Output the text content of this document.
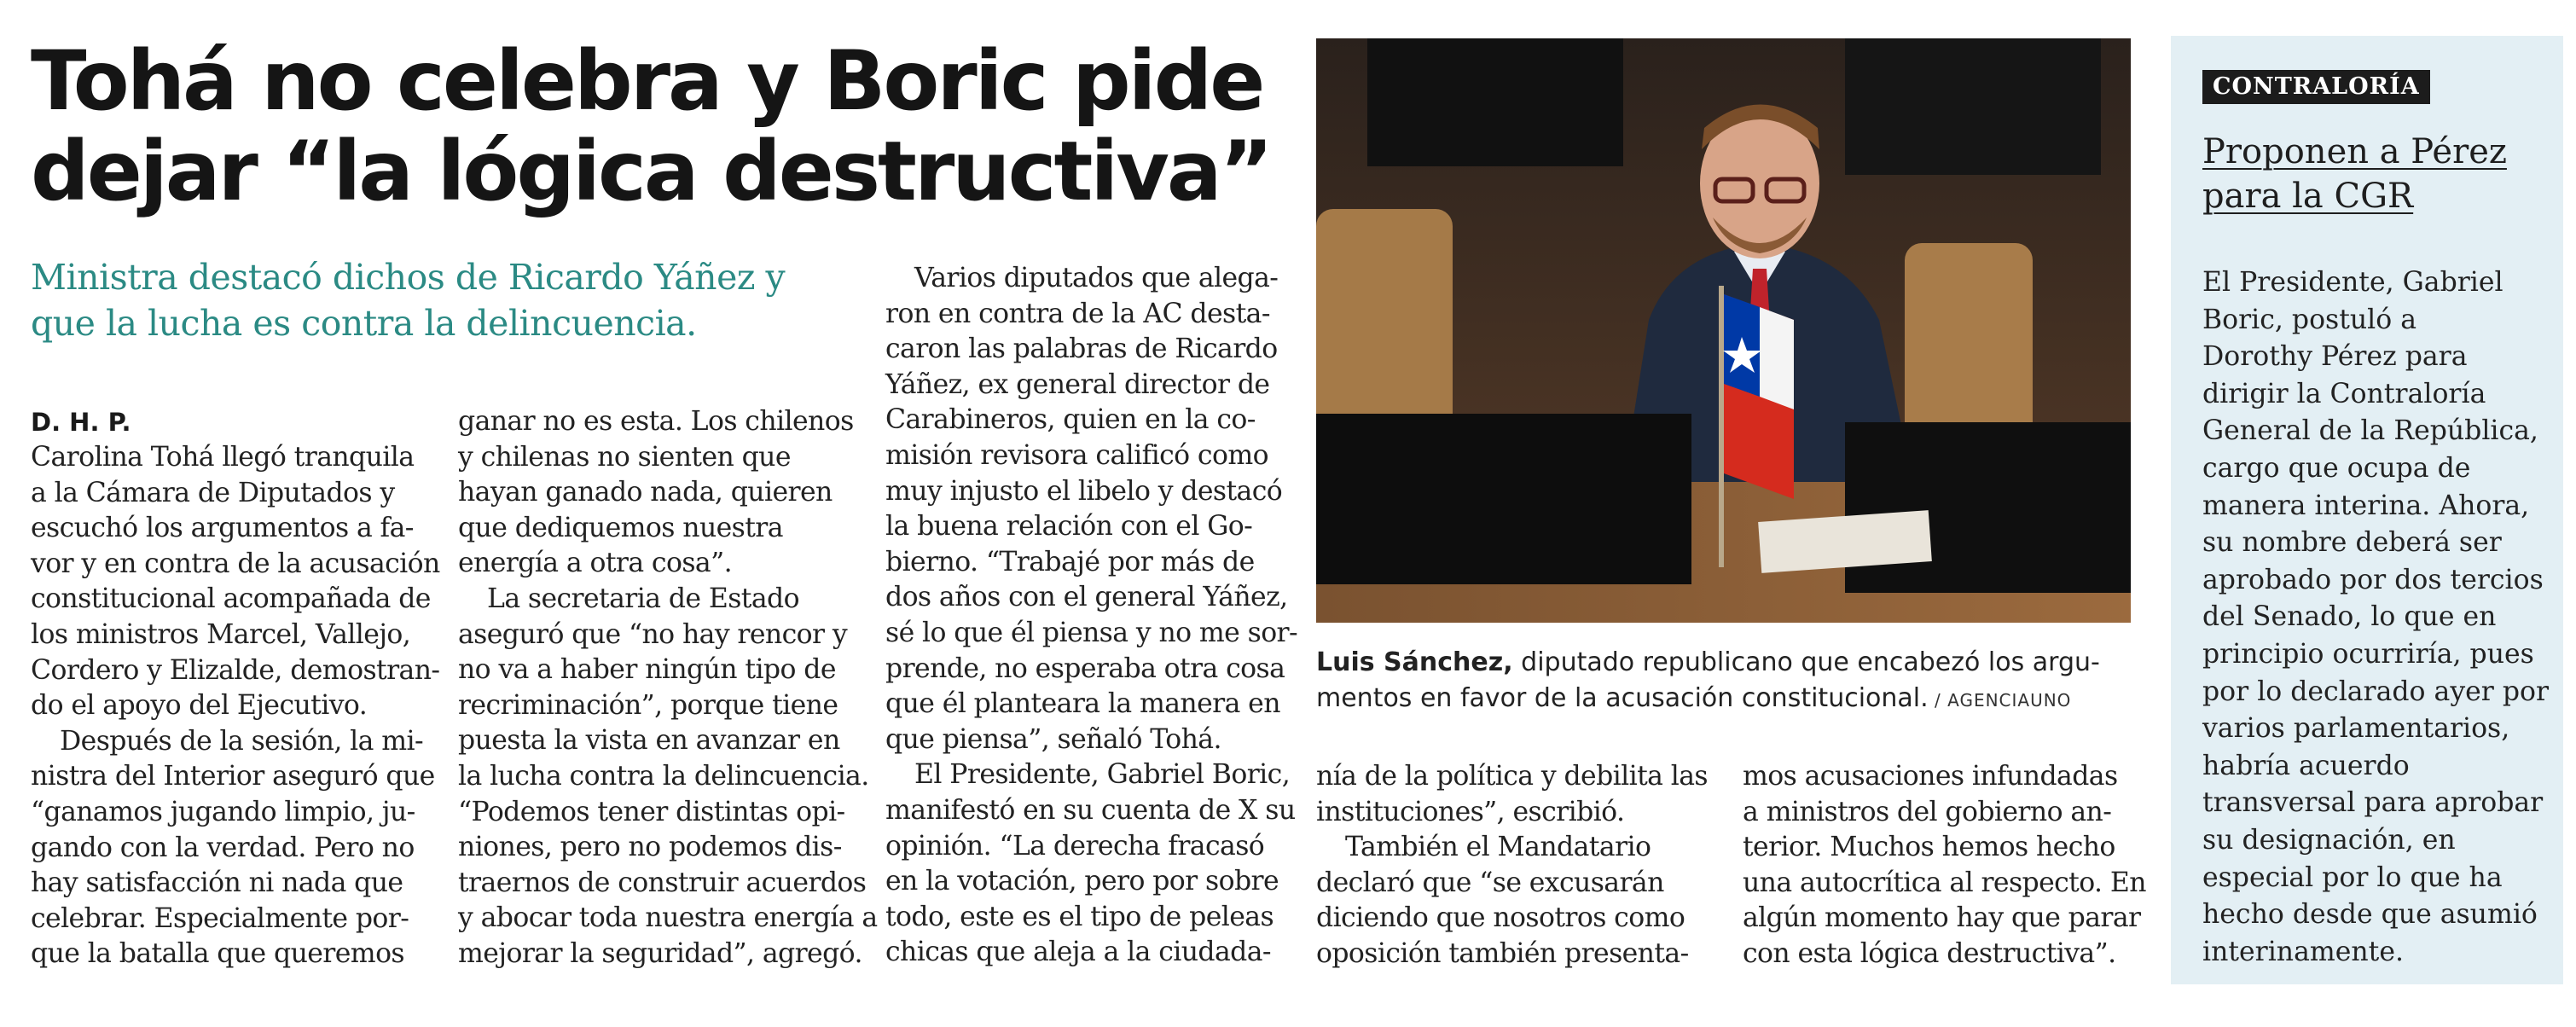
Tohá no celebra y Boric pide
dejar “la lógica destructiva”
Ministra destacó dichos de Ricardo Yáñez y
que la lucha es contra la delincuencia.
D. H. P.
Carolina Tohá llegó tranquila
a la Cámara de Diputados y
escuchó los argumentos a fa-
vor y en contra de la acusación
constitucional acompañada de
los ministros Marcel, Vallejo,
Cordero y Elizalde, demostran-
do el apoyo del Ejecutivo.
Después de la sesión, la mi-
nistra del Interior aseguró que
“ganamos jugando limpio, ju-
gando con la verdad. Pero no
hay satisfacción ni nada que
celebrar. Especialmente por-
que la batalla que queremos
ganar no es esta. Los chilenos
y chilenas no sienten que
hayan ganado nada, quieren
que dediquemos nuestra
energía a otra cosa”.
La secretaria de Estado
aseguró que “no hay rencor y
no va a haber ningún tipo de
recriminación”, porque tiene
puesta la vista en avanzar en
la lucha contra la delincuencia.
“Podemos tener distintas opi-
niones, pero no podemos dis-
traernos de construir acuerdos
y abocar toda nuestra energía a
mejorar la seguridad”, agregó.
Varios diputados que alega-
ron en contra de la AC desta-
caron las palabras de Ricardo
Yáñez, ex general director de
Carabineros, quien en la co-
misión revisora calificó como
muy injusto el libelo y destacó
la buena relación con el Go-
bierno. “Trabajé por más de
dos años con el general Yáñez,
sé lo que él piensa y no me sor-
prende, no esperaba otra cosa
que él planteara la manera en
que piensa”, señaló Tohá.
El Presidente, Gabriel Boric,
manifestó en su cuenta de X su
opinión. “La derecha fracasó
en la votación, pero por sobre
todo, este es el tipo de peleas
chicas que aleja a la ciudada-
Luis Sánchez, diputado republicano que encabezó los argu-
mentos en favor de la acusación constitucional. / AGENCIAUNO
nía de la política y debilita las
instituciones”, escribió.
También el Mandatario
declaró que “se excusarán
diciendo que nosotros como
oposición también presenta-
mos acusaciones infundadas
a ministros del gobierno an-
terior. Muchos hemos hecho
una autocrítica al respecto. En
algún momento hay que parar
con esta lógica destructiva”.
CONTRALORÍA
Proponen a Pérez
para la CGR
El Presidente, Gabriel
Boric, postuló a
Dorothy Pérez para
dirigir la Contraloría
General de la República,
cargo que ocupa de
manera interina. Ahora,
su nombre deberá ser
aprobado por dos tercios
del Senado, lo que en
principio ocurriría, pues
por lo declarado ayer por
varios parlamentarios,
habría acuerdo
transversal para aprobar
su designación, en
especial por lo que ha
hecho desde que asumió
interinamente.
